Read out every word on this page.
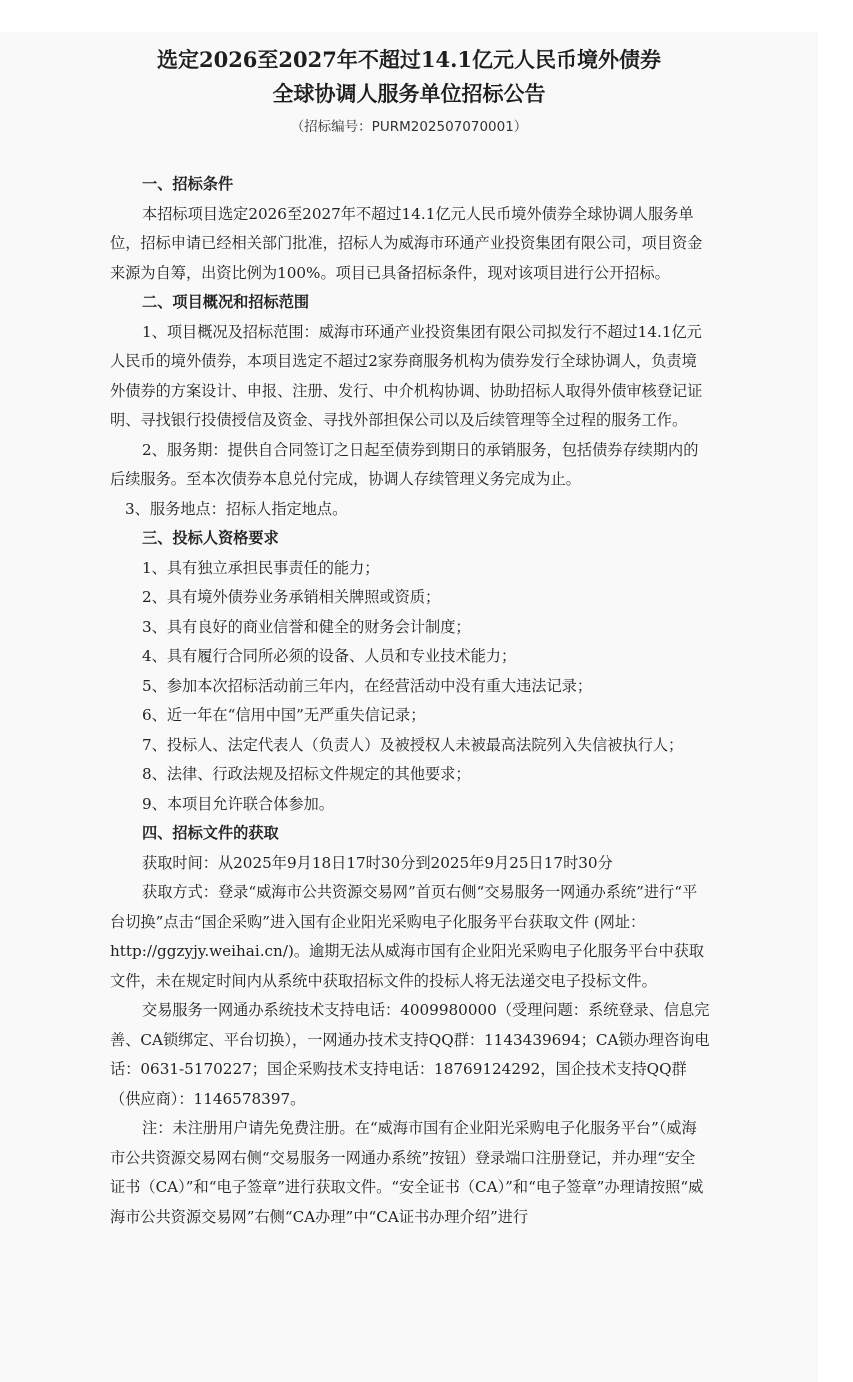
选定2026至2027年不超过14.1亿元人民币境外债券
全球协调人服务单位招标公告
（招标编号：PURM202507070001）

一、招标条件

本招标项目选定2026至2027年不超过14.1亿元人民币境外债券全球协调人服务单位，招标申请已经相关部门批准，招标人为威海市环通产业投资集团有限公司，项目资金来源为自筹，出资比例为100%。项目已具备招标条件，现对该项目进行公开招标。

二、项目概况和招标范围

1、项目概况及招标范围：威海市环通产业投资集团有限公司拟发行不超过14.1亿元人民币的境外债券，本项目选定不超过2家券商服务机构为债券发行全球协调人，负责境外债券的方案设计、申报、注册、发行、中介机构协调、协助招标人取得外债审核登记证明、寻找银行投债授信及资金、寻找外部担保公司以及后续管理等全过程的服务工作。

2、服务期：提供自合同签订之日起至债券到期日的承销服务，包括债券存续期内的后续服务。至本次债券本息兑付完成，协调人存续管理义务完成为止。

3、服务地点：招标人指定地点。

三、投标人资格要求

1、具有独立承担民事责任的能力；

2、具有境外债券业务承销相关牌照或资质；

3、具有良好的商业信誉和健全的财务会计制度；

4、具有履行合同所必须的设备、人员和专业技术能力；

5、参加本次招标活动前三年内，在经营活动中没有重大违法记录；

6、近一年在“信用中国”无严重失信记录；

7、投标人、法定代表人（负责人）及被授权人未被最高法院列入失信被执行人；

8、法律、行政法规及招标文件规定的其他要求；

9、本项目允许联合体参加。

四、招标文件的获取

获取时间：从2025年9月18日17时30分到2025年9月25日17时30分

获取方式：登录“威海市公共资源交易网”首页右侧“交易服务一网通办系统”进行“平台切换”点击“国企采购”进入国有企业阳光采购电子化服务平台获取文件 (网址：http://ggzyjy.weihai.cn/)。逾期无法从威海市国有企业阳光采购电子化服务平台中获取文件，未在规定时间内从系统中获取招标文件的投标人将无法递交电子投标文件。

交易服务一网通办系统技术支持电话：4009980000（受理问题：系统登录、信息完善、CA锁绑定、平台切换），一网通办技术支持QQ群：1143439694；CA锁办理咨询电话：0631-5170227；国企采购技术支持电话：18769124292，国企技术支持QQ群（供应商）：1146578397。

注：未注册用户请先免费注册。在“威海市国有企业阳光采购电子化服务平台”（威海市公共资源交易网右侧“交易服务一网通办系统”按钮）登录端口注册登记，并办理“安全证书（CA）”和“电子签章”进行获取文件。“安全证书（CA）”和“电子签章”办理请按照“威海市公共资源交易网”右侧“CA办理”中“CA证书办理介绍”进行
